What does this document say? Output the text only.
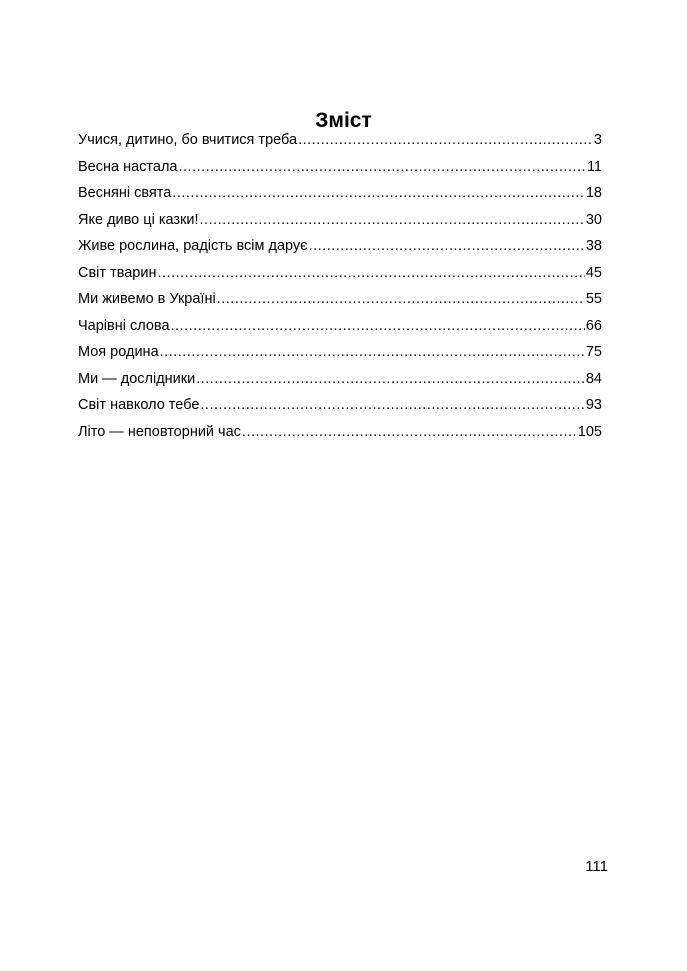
Зміст
Учися, дитино, бо вчитися треба .....	3
Весна настала .....	11
Весняні свята .....	18
Яке диво ці казки! .....	30
Живе рослина, радість всім дарує .....	38
Світ тварин .....	45
Ми живемо в Україні .....	55
Чарівні слова .....	66
Моя родина .....	75
Ми — дослідники .....	84
Світ навколо тебе .....	93
Літо — неповторний час .....	105
111
